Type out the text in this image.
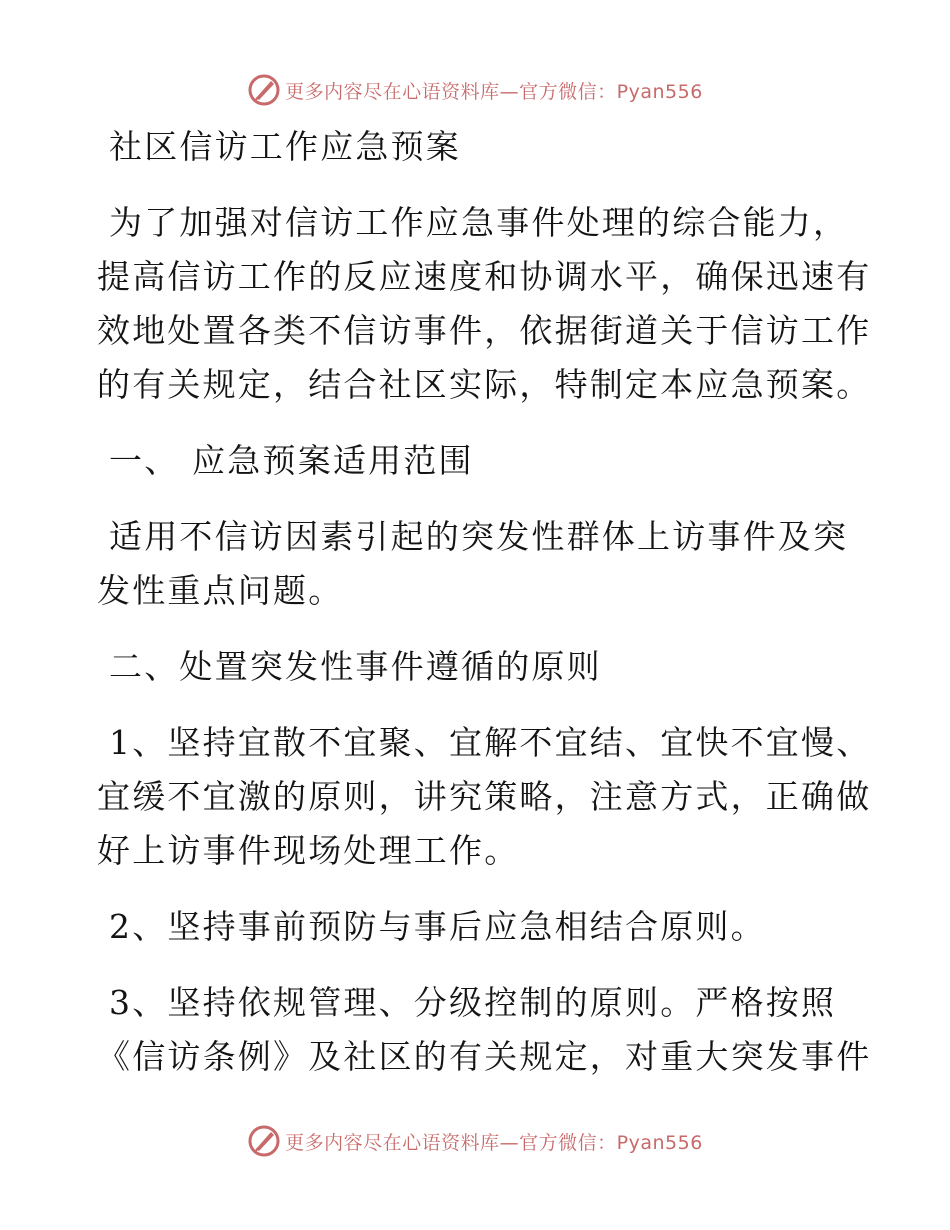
更多内容尽在心语资料库—官方微信：Pyan556
社区信访工作应急预案
为了加强对信访工作应急事件处理的综合能力，
提高信访工作的反应速度和协调水平，确保迅速有
效地处置各类不信访事件，依据街道关于信访工作
的有关规定，结合社区实际，特制定本应急预案。
一、 应急预案适用范围
适用不信访因素引起的突发性群体上访事件及突
发性重点问题。
二、处置突发性事件遵循的原则
1、坚持宜散不宜聚、宜解不宜结、宜快不宜慢、
宜缓不宜激的原则，讲究策略，注意方式，正确做
好上访事件现场处理工作。
2、坚持事前预防与事后应急相结合原则。
3、坚持依规管理、分级控制的原则。严格按照
《信访条例》及社区的有关规定，对重大突发事件
更多内容尽在心语资料库—官方微信：Pyan556
